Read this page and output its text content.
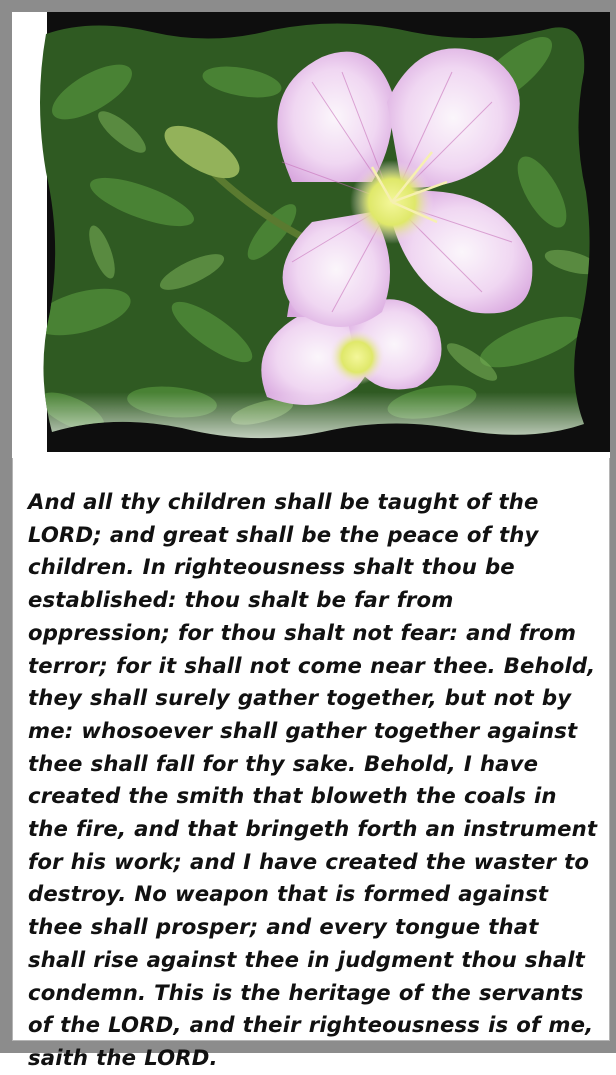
And all thy children shall be taught of the LORD; and great shall be the peace of thy children. In righteousness shalt thou be established: thou shalt be far from oppression; for thou shalt not fear: and from terror; for it shall not come near thee. Behold, they shall surely gather together, but not by me: whosoever shall gather together against thee shall fall for thy sake. Behold, I have created the smith that bloweth the coals in the fire, and that bringeth forth an instrument for his work; and I have created the waster to destroy. No weapon that is formed against thee shall prosper; and every tongue that shall rise against thee in judgment thou shalt condemn. This is the heritage of the servants of the LORD, and their righteousness is of me, saith the LORD.
